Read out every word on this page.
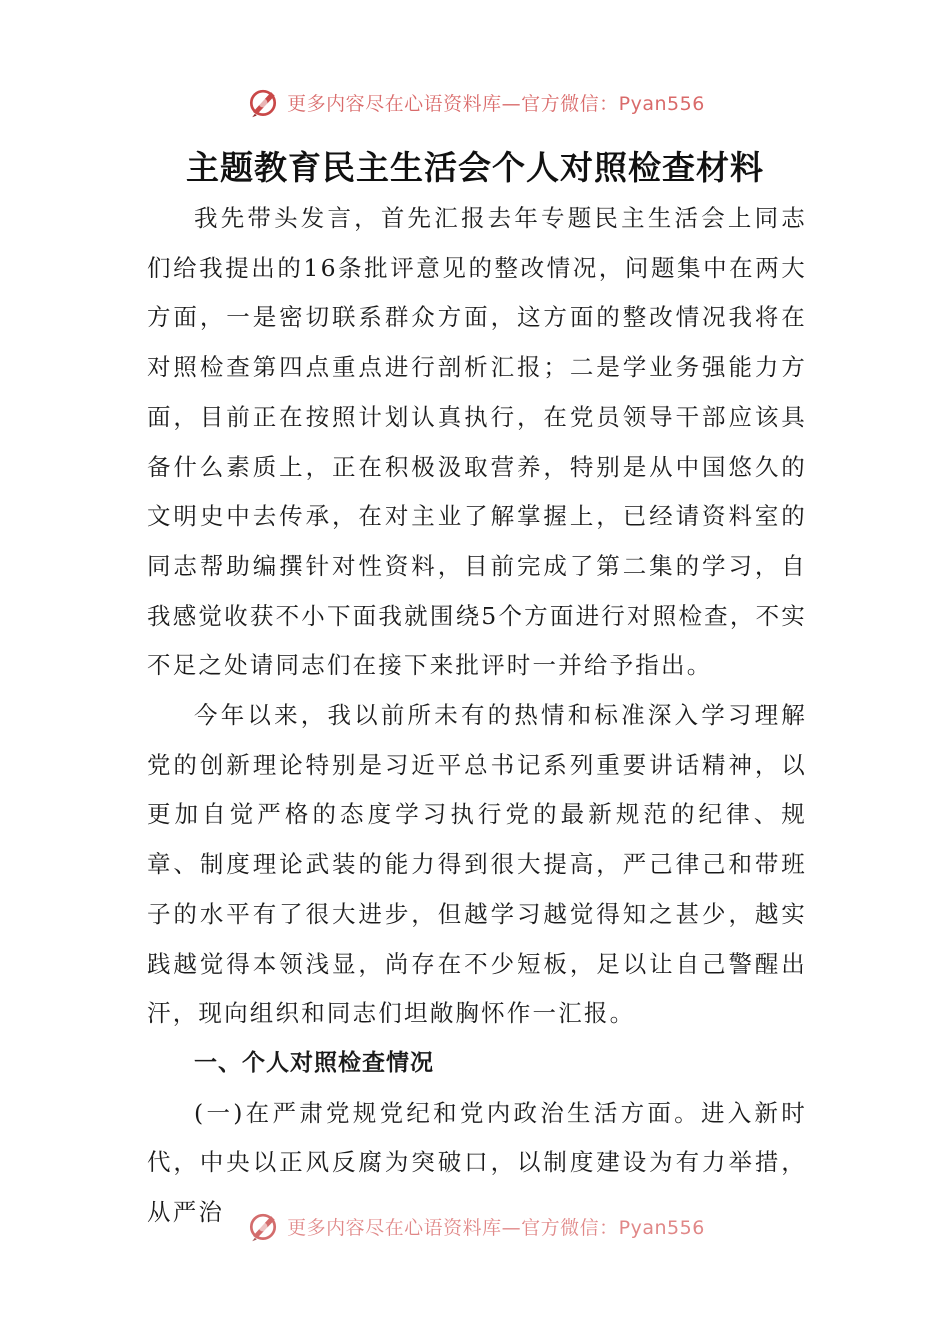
更多内容尽在心语资料库—官方微信：Pyan556
主题教育民主生活会个人对照检查材料

我先带头发言，首先汇报去年专题民主生活会上同志们给我提出的16条批评意见的整改情况，问题集中在两大方面，一是密切联系群众方面，这方面的整改情况我将在对照检查第四点重点进行剖析汇报；二是学业务强能力方面，目前正在按照计划认真执行，在党员领导干部应该具备什么素质上，正在积极汲取营养，特别是从中国悠久的文明史中去传承，在对主业了解掌握上，已经请资料室的同志帮助编撰针对性资料，目前完成了第二集的学习，自我感觉收获不小下面我就围绕5个方面进行对照检查，不实不足之处请同志们在接下来批评时一并给予指出。

今年以来，我以前所未有的热情和标准深入学习理解党的创新理论特别是习近平总书记系列重要讲话精神，以更加自觉严格的态度学习执行党的最新规范的纪律、规章、制度理论武装的能力得到很大提高，严己律己和带班子的水平有了很大进步，但越学习越觉得知之甚少，越实践越觉得本领浅显，尚存在不少短板，足以让自己警醒出汗，现向组织和同志们坦敞胸怀作一汇报。

一、个人对照检查情况

(一)在严肃党规党纪和党内政治生活方面。进入新时代，中央以正风反腐为突破口，以制度建设为有力举措，从严治

更多内容尽在心语资料库—官方微信：Pyan556
